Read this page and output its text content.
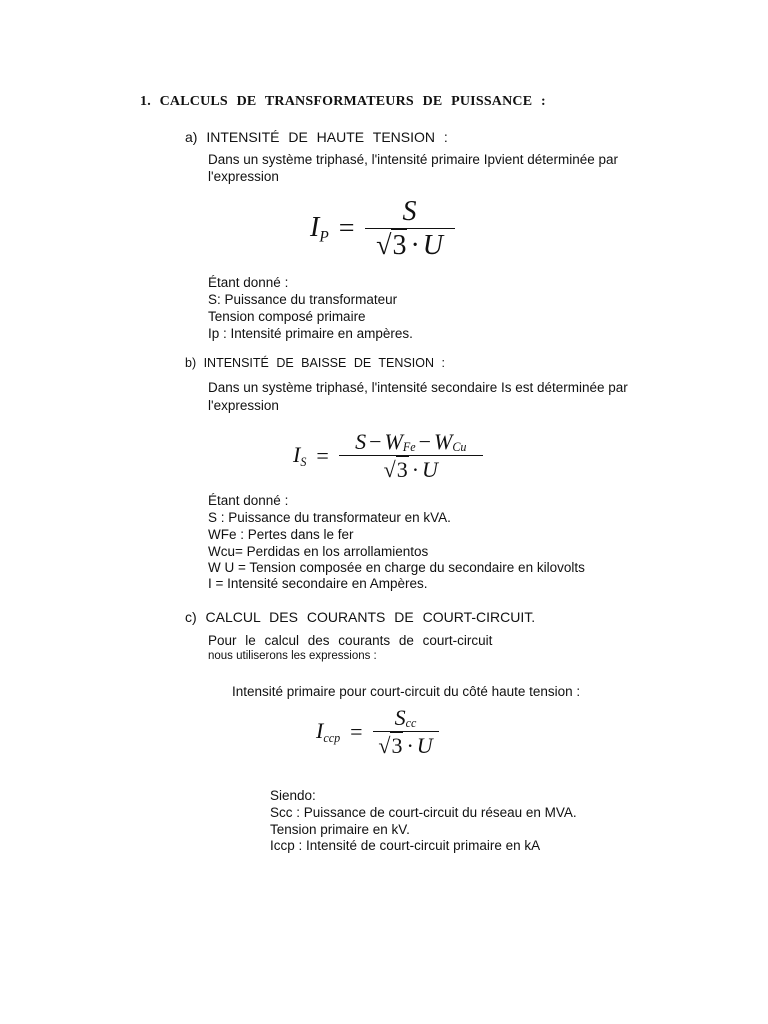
1. CALCULS DE TRANSFORMATEURS DE PUISSANCE :
a) INTENSITÉ DE HAUTE TENSION :
Dans un système triphasé, l'intensité primaire Ipvient déterminée par
l'expression
$I_P = \frac{S}{√ 3 \cdot U}$
Étant donné :
S: Puissance du transformateur
Tension composé primaire
Ip : Intensité primaire en ampères.
b) INTENSITÉ DE BAISSE DE TENSION :
Dans un système triphasé, l'intensité secondaire Is est déterminée par
l'expression
$I_S = \frac{S - W_{Fe} - W_{Cu}}{√ 3 \cdot U}$
Étant donné :
S : Puissance du transformateur en kVA.
WFe : Pertes dans le fer
Wcu= Perdidas en los arrollamientos
W U = Tension composée en charge du secondaire en kilovolts
I = Intensité secondaire en Ampères.
c) CALCUL DES COURANTS DE COURT-CIRCUIT.
Pour le calcul des courants de court-circuit
nous utiliserons les expressions :
Intensité primaire pour court-circuit du côté haute tension :
$I_{ccp} = \frac{S_{cc}}{√ 3 \cdot U}$
Siendo:
Scc : Puissance de court-circuit du réseau en MVA.
Tension primaire en kV.
Iccp : Intensité de court-circuit primaire en kA
